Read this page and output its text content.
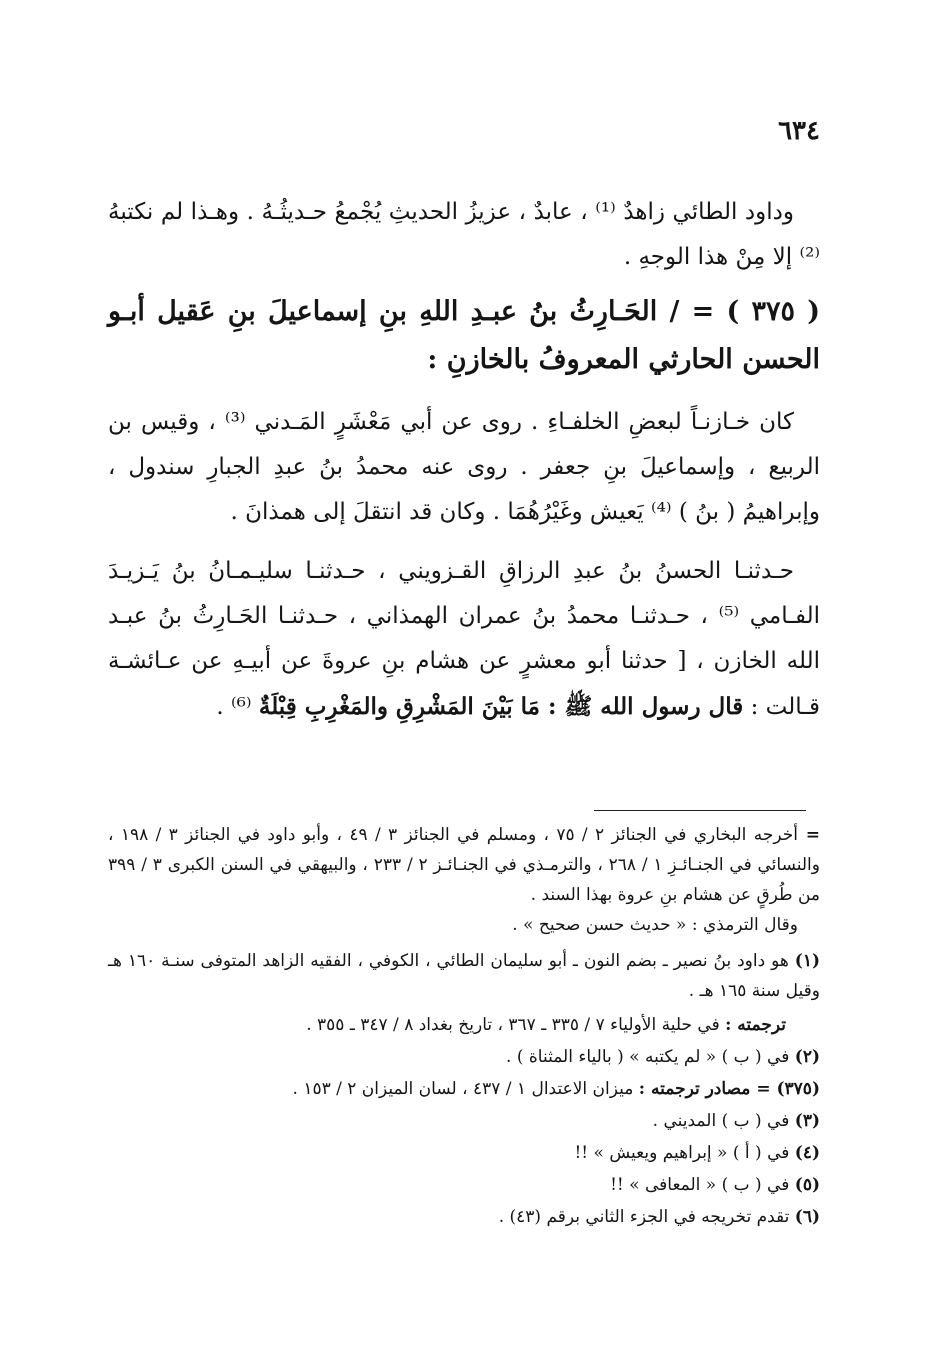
٦٣٤

وداود الطائي زاهدٌ ⁽¹⁾ ، عابدٌ ، عزيزُ الحديثِ يُجْمعُ حـديثُـهُ . وهـذا لم نكتبهُ ⁽²⁾ إلا مِنْ هذا الوجهِ .

( ٣٧٥ ) = / الحَـارِثُ بنُ عبـدِ اللهِ بنِ إسماعيلَ بنِ عَقيل أبـو الحسن الحارثي المعروفُ بالخازنِ :

كان خـازنـاً لبعضِ الخلفـاءِ . روى عن أبي مَعْشَرٍ المَـدني ⁽³⁾ ، وقيس بن الربيع ، وإسماعيلَ بنِ جعفر . روى عنه محمدُ بنُ عبدِ الجبارِ سندول ، وإبراهيمُ ( بنُ ) ⁽⁴⁾ يَعيش وغَيْرُهُمَا . وكان قد انتقلَ إلى همذانَ .

حـدثنـا الحسنُ بنُ عبدِ الرزاقِ القـزويني ، حـدثنـا سليـمـانُ بنُ يَـزيـدَ الفـامي ⁽⁵⁾ ، حـدثنـا محمدُ بنُ عمران الهمذاني ، حـدثنـا الحَـارِثُ بنُ عبـد الله الخازن ، [ حدثنا أبو معشرٍ عن هشام بنِ عروةَ عن أبيـهِ عن عـائشـة قـالت : قال رسول الله ﷺ : مَا بَيْنَ المَشْرِقِ والمَغْرِبِ قِبْلَةٌ ⁽⁶⁾ .

=أخرجه البخاري في الجنائز ٢ / ٧٥ ، ومسلم في الجنائز ٣ / ٤٩ ، وأبو داود في الجنائز ٣ / ١٩٨ ، والنسائي في الجنـائـزِ ١ / ٢٦٨ ، والترمـذي في الجنـائـز ٢ / ٢٣٣ ، والبيهقي في السنن الكبرى ٣ / ٣٩٩ من طُرقٍ عن هشام بنِ عروة بهذا السند .

وقال الترمذي : « حديث حسن صحيح » .

(١) هو داود بنُ نصير ـ بضم النون ـ أبو سليمان الطائي ، الكوفي ، الفقيه الزاهد المتوفى سنـة ١٦٠ هـ وقيل سنة ١٦٥ هـ .

ترجمته : في حلية الأولياء ٧ / ٣٣٥ ـ ٣٦٧ ، تاريخ بغداد ٨ / ٣٤٧ ـ ٣٥٥ .

(٢) في ( ب ) « لم يكتبه » ( بالياء المثناة ) .

(٣٧٥) = مصادر ترجمته : ميزان الاعتدال ١ / ٤٣٧ ، لسان الميزان ٢ / ١٥٣ .

(٣) في ( ب ) المديني .

(٤) في ( أ ) « إبراهيم ويعيش » !!

(٥) في ( ب ) « المعافى » !!

(٦) تقدم تخريجه في الجزء الثاني برقم (٤٣) .
